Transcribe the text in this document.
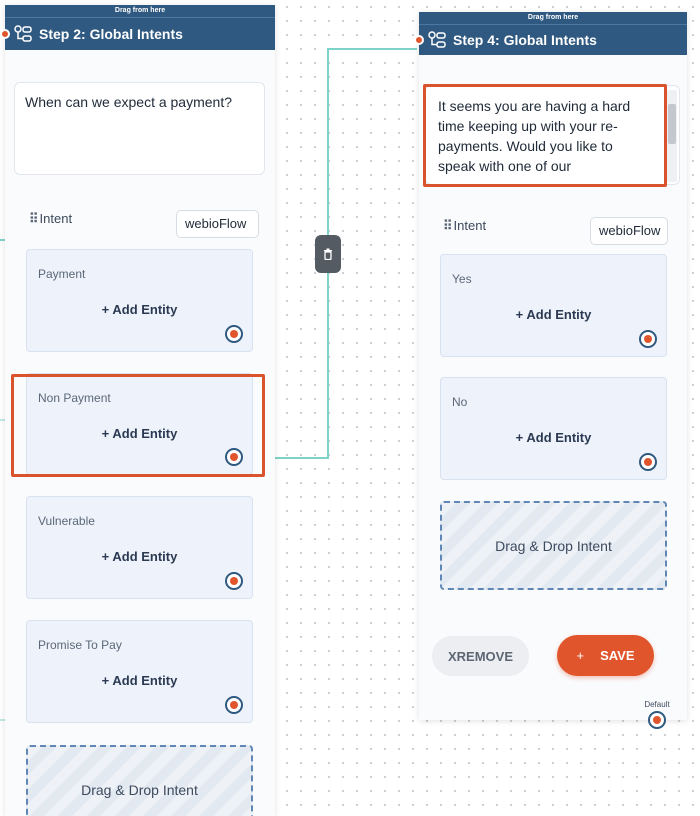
Drag from here
Step 2: Global Intents
When can we expect a payment?
⠿ Intent	webioFlow
Payment
+ Add Entity
Non Payment
+ Add Entity
Vulnerable
+ Add Entity
Promise To Pay
+ Add Entity
Drag & Drop Intent
Drag from here
Step 4: Global Intents
It seems you are having a hard
time keeping up with your re-
payments. Would you like to
speak with one of our
⠿ Intent	webioFlow
Yes
+ Add Entity
No
+ Add Entity
Drag & Drop Intent
XREMOVE	+ SAVE
Default
